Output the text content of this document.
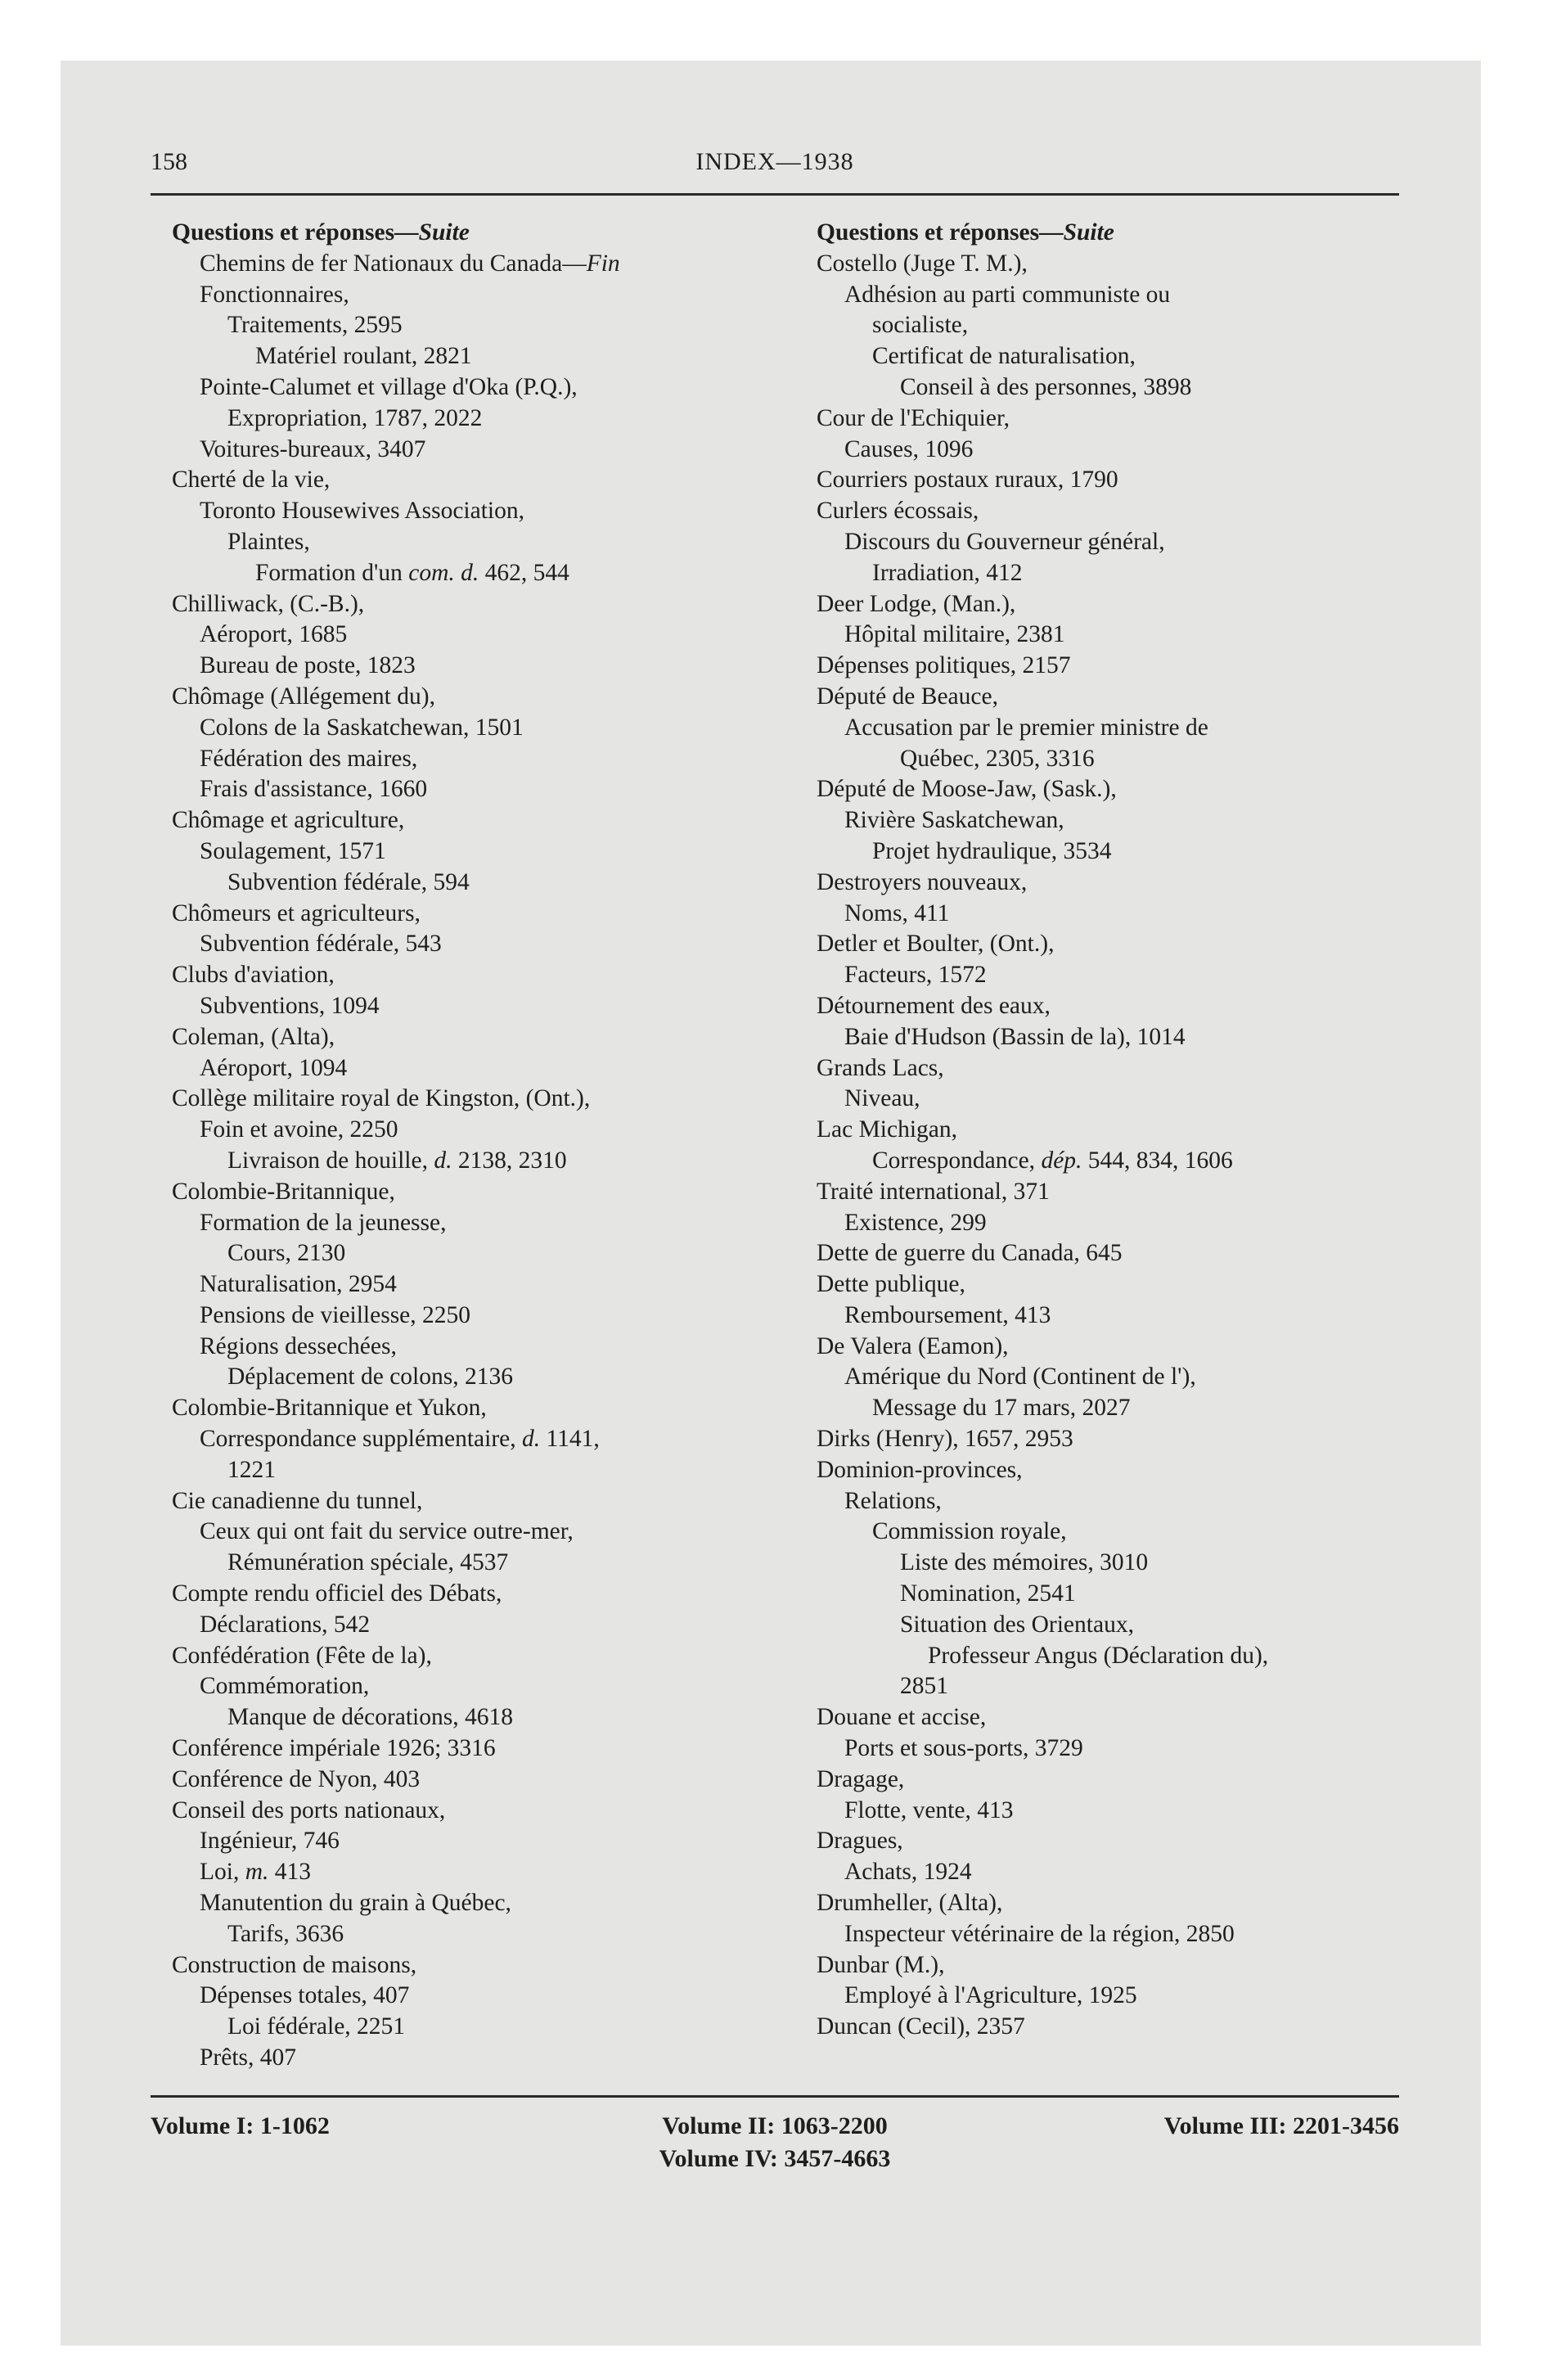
158	INDEX—1938
Questions et réponses—Suite
Chemins de fer Nationaux du Canada—Fin
Fonctionnaires,
Traitements, 2595
Matériel roulant, 2821
Pointe-Calumet et village d'Oka (P.Q.),
Expropriation, 1787, 2022
Voitures-bureaux, 3407
Cherté de la vie,
Toronto Housewives Association,
Plaintes,
Formation d'un com. d. 462, 544
Chilliwack, (C.-B.),
Aéroport, 1685
Bureau de poste, 1823
Chômage (Allégement du),
Colons de la Saskatchewan, 1501
Fédération des maires,
Frais d'assistance, 1660
Chômage et agriculture,
Soulagement, 1571
Subvention fédérale, 594
Chômeurs et agriculteurs,
Subvention fédérale, 543
Clubs d'aviation,
Subventions, 1094
Coleman, (Alta),
Aéroport, 1094
Collège militaire royal de Kingston, (Ont.),
Foin et avoine, 2250
Livraison de houille, d. 2138, 2310
Colombie-Britannique,
Formation de la jeunesse,
Cours, 2130
Naturalisation, 2954
Pensions de vieillesse, 2250
Régions dessechées,
Déplacement de colons, 2136
Colombie-Britannique et Yukon,
Correspondance supplémentaire, d. 1141,
1221
Cie canadienne du tunnel,
Ceux qui ont fait du service outre-mer,
Rémunération spéciale, 4537
Compte rendu officiel des Débats,
Déclarations, 542
Confédération (Fête de la),
Commémoration,
Manque de décorations, 4618
Conférence impériale 1926; 3316
Conférence de Nyon, 403
Conseil des ports nationaux,
Ingénieur, 746
Loi, m. 413
Manutention du grain à Québec,
Tarifs, 3636
Construction de maisons,
Dépenses totales, 407
Loi fédérale, 2251
Prêts, 407
Questions et réponses—Suite
Costello (Juge T. M.),
Adhésion au parti communiste ou
socialiste,
Certificat de naturalisation,
Conseil à des personnes, 3898
Cour de l'Echiquier,
Causes, 1096
Courriers postaux ruraux, 1790
Curlers écossais,
Discours du Gouverneur général,
Irradiation, 412
Deer Lodge, (Man.),
Hôpital militaire, 2381
Dépenses politiques, 2157
Député de Beauce,
Accusation par le premier ministre de
Québec, 2305, 3316
Député de Moose-Jaw, (Sask.),
Rivière Saskatchewan,
Projet hydraulique, 3534
Destroyers nouveaux,
Noms, 411
Detler et Boulter, (Ont.),
Facteurs, 1572
Détournement des eaux,
Baie d'Hudson (Bassin de la), 1014
Grands Lacs,
Niveau,
Lac Michigan,
Correspondance, dép. 544, 834, 1606
Traité international, 371
Existence, 299
Dette de guerre du Canada, 645
Dette publique,
Remboursement, 413
De Valera (Eamon),
Amérique du Nord (Continent de l'),
Message du 17 mars, 2027
Dirks (Henry), 1657, 2953
Dominion-provinces,
Relations,
Commission royale,
Liste des mémoires, 3010
Nomination, 2541
Situation des Orientaux,
Professeur Angus (Déclaration du),
2851
Douane et accise,
Ports et sous-ports, 3729
Dragage,
Flotte, vente, 413
Dragues,
Achats, 1924
Drumheller, (Alta),
Inspecteur vétérinaire de la région, 2850
Dunbar (M.),
Employé à l'Agriculture, 1925
Duncan (Cecil), 2357
Volume I: 1-1062	Volume II: 1063-2200	Volume III: 2201-3456
Volume IV: 3457-4663
